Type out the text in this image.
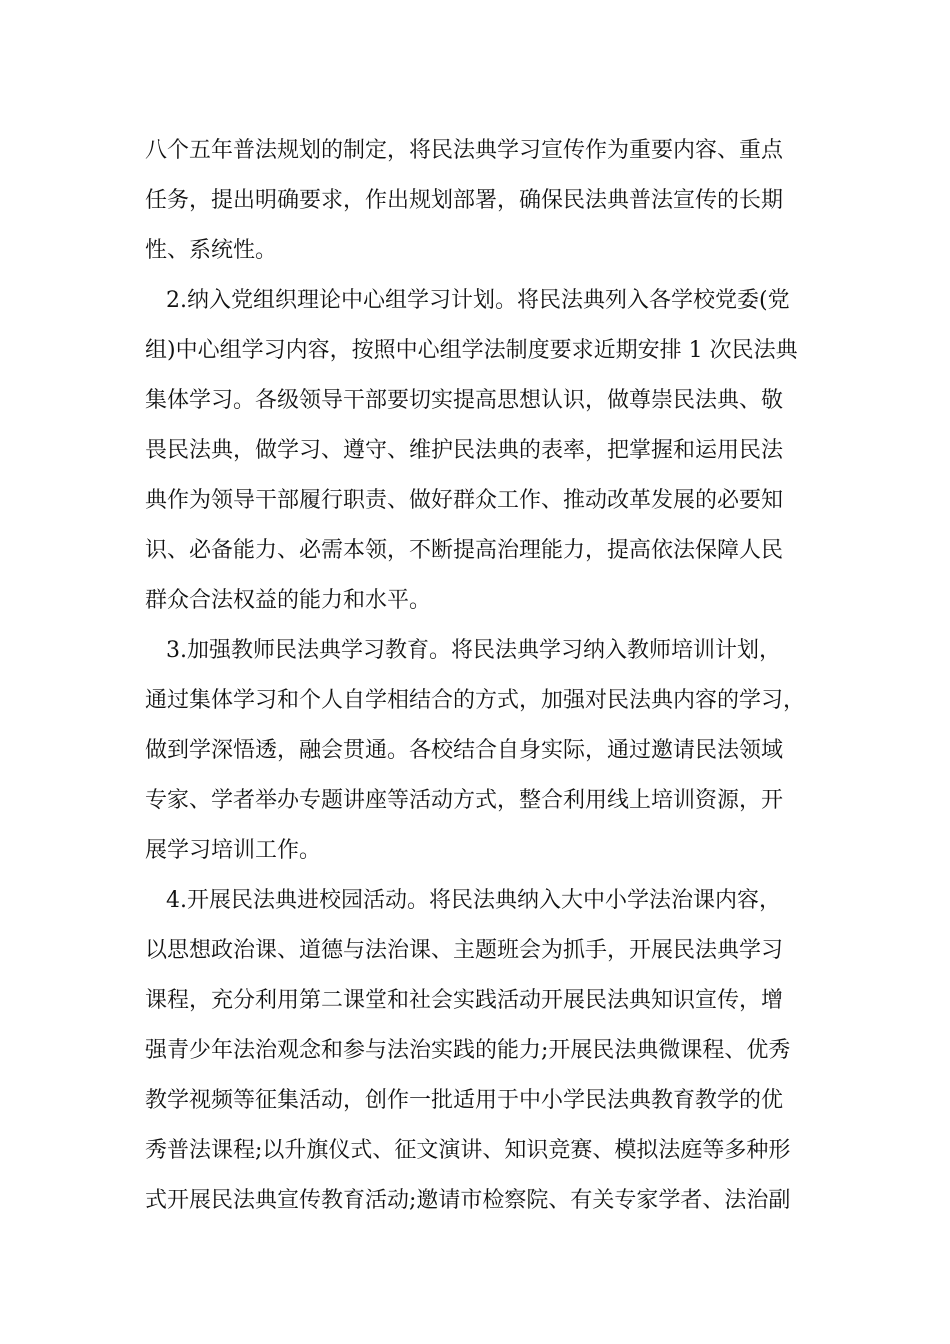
八个五年普法规划的制定，将民法典学习宣传作为重要内容、重点
任务，提出明确要求，作出规划部署，确保民法典普法宣传的长期
性、系统性。
2.纳入党组织理论中心组学习计划。将民法典列入各学校党委(党
组)中心组学习内容，按照中心组学法制度要求近期安排 1 次民法典
集体学习。各级领导干部要切实提高思想认识，做尊崇民法典、敬
畏民法典，做学习、遵守、维护民法典的表率，把掌握和运用民法
典作为领导干部履行职责、做好群众工作、推动改革发展的必要知
识、必备能力、必需本领，不断提高治理能力，提高依法保障人民
群众合法权益的能力和水平。
3.加强教师民法典学习教育。将民法典学习纳入教师培训计划，
通过集体学习和个人自学相结合的方式，加强对民法典内容的学习，
做到学深悟透，融会贯通。各校结合自身实际，通过邀请民法领域
专家、学者举办专题讲座等活动方式，整合利用线上培训资源，开
展学习培训工作。
4.开展民法典进校园活动。将民法典纳入大中小学法治课内容，
以思想政治课、道德与法治课、主题班会为抓手，开展民法典学习
课程，充分利用第二课堂和社会实践活动开展民法典知识宣传，增
强青少年法治观念和参与法治实践的能力;开展民法典微课程、优秀
教学视频等征集活动，创作一批适用于中小学民法典教育教学的优
秀普法课程;以升旗仪式、征文演讲、知识竞赛、模拟法庭等多种形
式开展民法典宣传教育活动;邀请市检察院、有关专家学者、法治副
